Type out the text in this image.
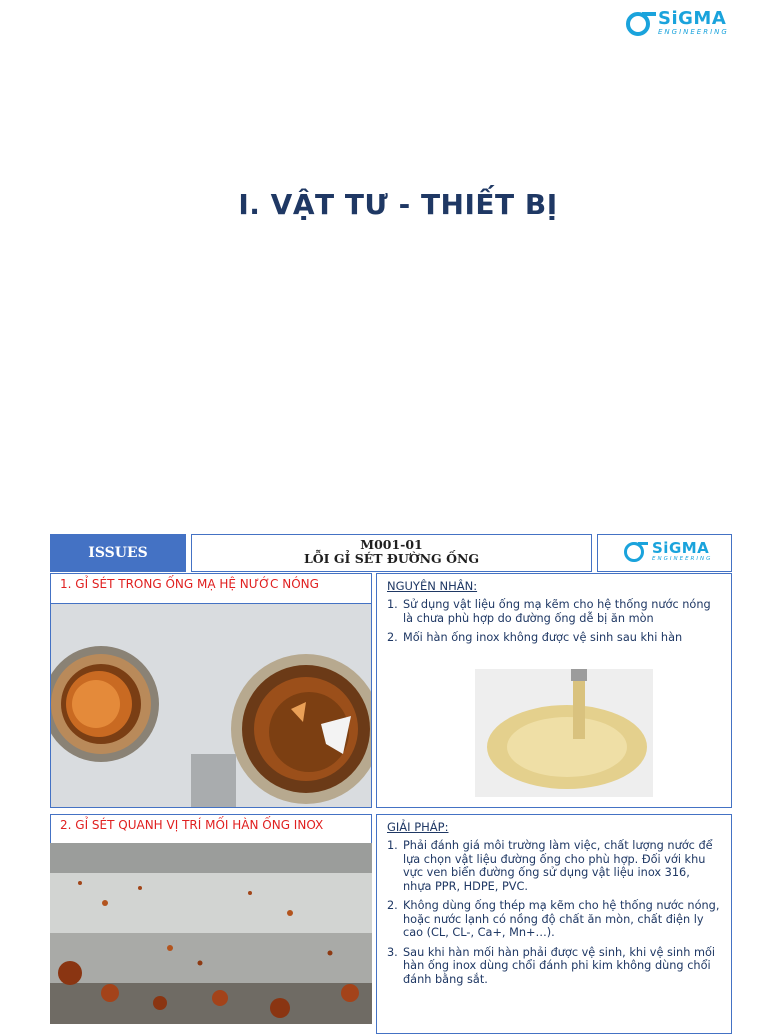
SiGMA
ENGINEERING
I. VẬT TƯ - THIẾT BỊ
ISSUES
M001-01
LỖI GỈ SÉT ĐƯỜNG ỐNG
SiGMA
ENGINEERING
1. GỈ SÉT TRONG ỐNG MẠ HỆ NƯỚC NÓNG
2. GỈ SÉT QUANH VỊ TRÍ MỐI HÀN ỐNG INOX
NGUYÊN NHÂN:
1. Sử dụng vật liệu ống mạ kẽm cho hệ thống nước nóng là chưa phù hợp do đường ống dễ bị ăn mòn
2. Mối hàn ống inox không được vệ sinh sau khi hàn
GIẢI PHÁP:
1. Phải đánh giá môi trường làm việc, chất lượng nước để lựa chọn vật liệu đường ống cho phù hợp. Đối với khu vực ven biển đường ống sử dụng vật liệu inox 316, nhựa PPR, HDPE, PVC.
2. Không dùng ống thép mạ kẽm cho hệ thống nước nóng, hoặc nước lạnh có nồng độ chất ăn mòn, chất điện ly cao (CL, CL-, Ca+, Mn+…).
3. Sau khi hàn mối hàn phải được vệ sinh, khi vệ sinh mối hàn ống inox dùng chổi đánh phi kim không dùng chổi đánh bằng sắt.
